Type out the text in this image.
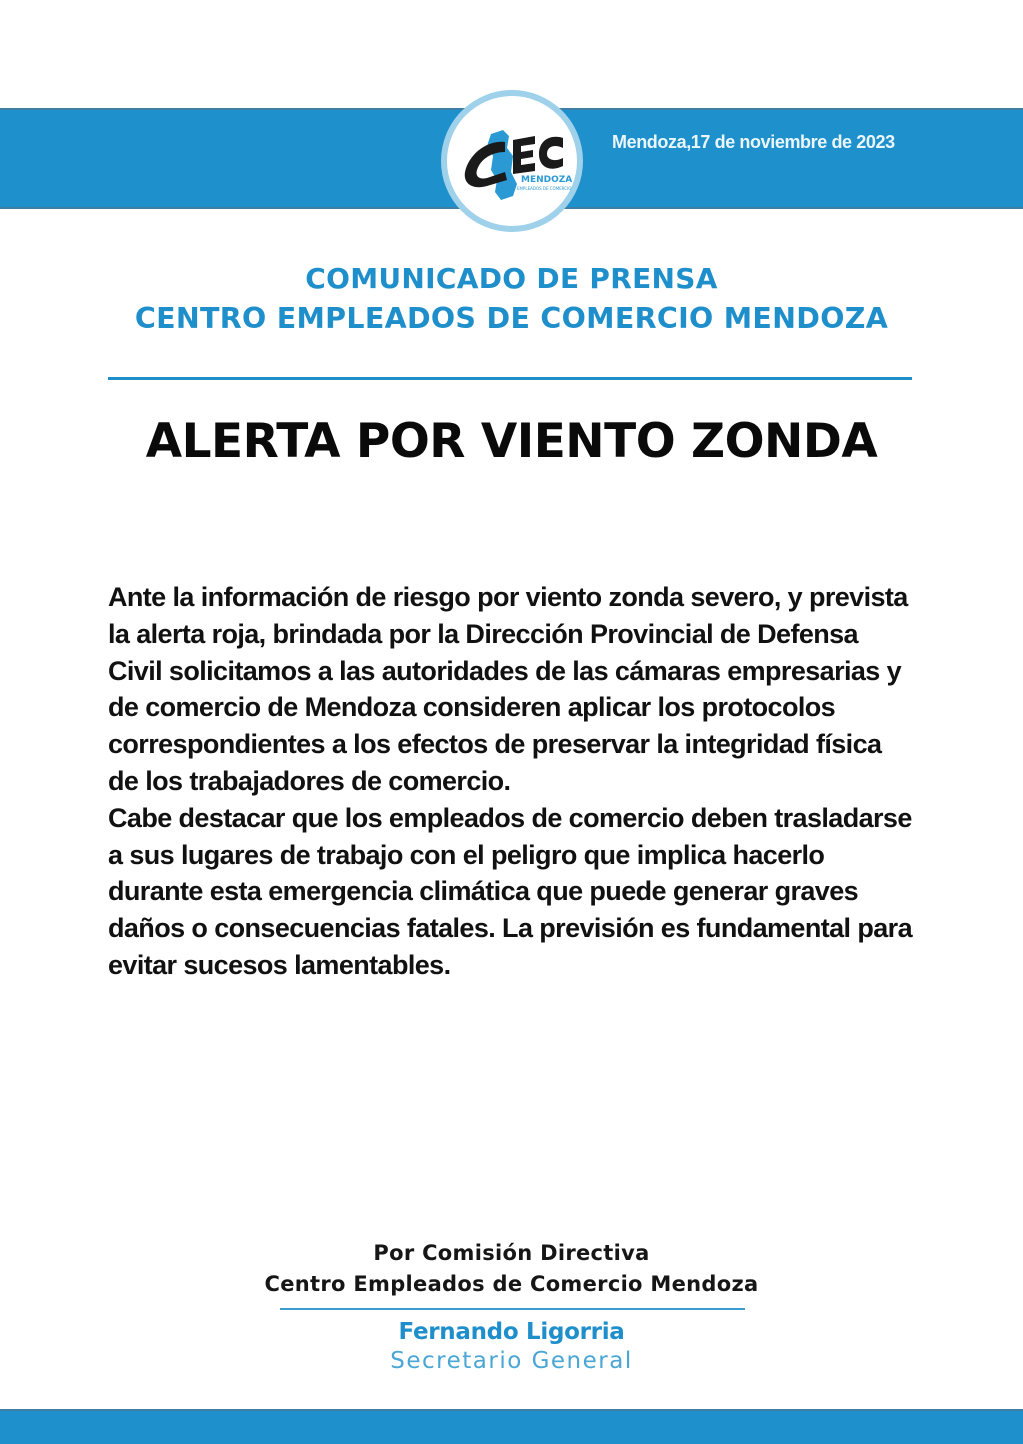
Mendoza,17 de noviembre de 2023
MENDOZA
CENTRO EMPLEADOS DE COMERCIO
COMUNICADO DE PRENSA
CENTRO EMPLEADOS DE COMERCIO MENDOZA
ALERTA POR VIENTO ZONDA
Ante la información de riesgo por viento zonda severo, y prevista
la alerta roja, brindada por la Dirección Provincial de Defensa
Civil solicitamos a las autoridades de las cámaras empresarias y
de comercio de Mendoza consideren aplicar los protocolos
correspondientes a los efectos de preservar la integridad física
de los trabajadores de comercio.
Cabe destacar que los empleados de comercio deben trasladarse
a sus lugares de trabajo con el peligro que implica hacerlo
durante esta emergencia climática que puede generar graves
daños o consecuencias fatales. La previsión es fundamental para
evitar sucesos lamentables.
Por Comisión Directiva
Centro Empleados de Comercio Mendoza
Fernando Ligorria
Secretario General
